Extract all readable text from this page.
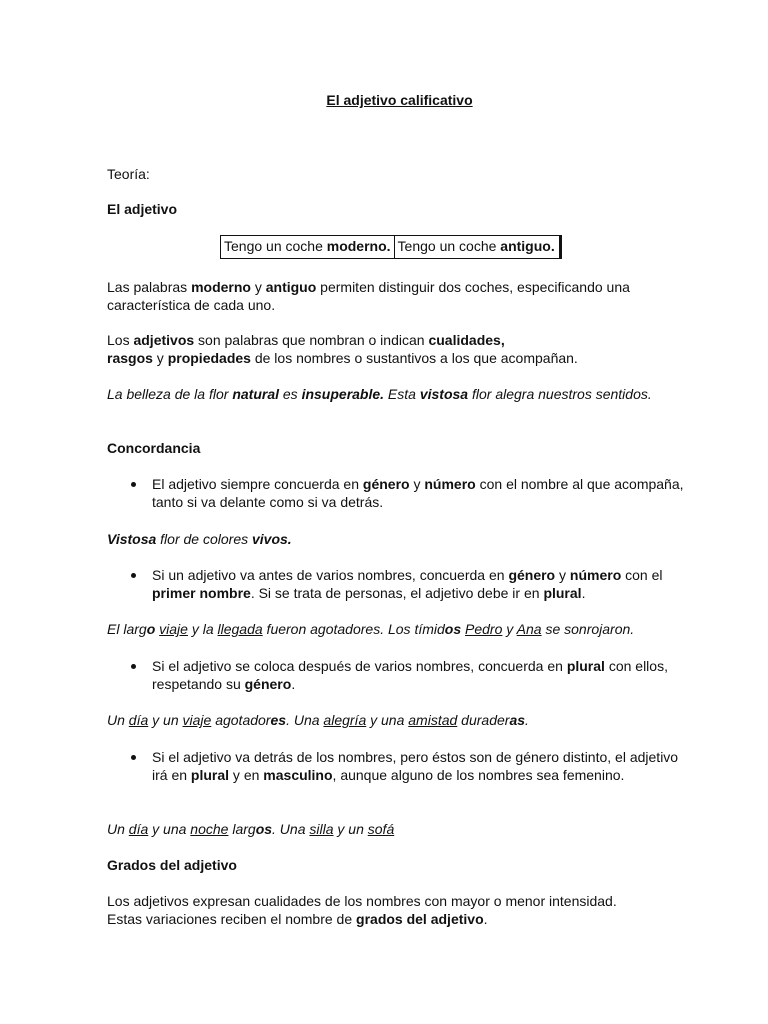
El adjetivo calificativo
Teoría:
El adjetivo
Tengo un coche moderno. Tengo un coche antiguo.
Las palabras moderno y antiguo permiten distinguir dos coches, especificando una característica de cada uno.
Los adjetivos son palabras que nombran o indican cualidades,
rasgos y propiedades de los nombres o sustantivos a los que acompañan.
La belleza de la flor natural es insuperable. Esta vistosa flor alegra nuestros sentidos.
Concordancia
El adjetivo siempre concuerda en género y número con el nombre al que acompaña, tanto si va delante como si va detrás.
Vistosa flor de colores vivos.
Si un adjetivo va antes de varios nombres, concuerda en género y número con el primer nombre. Si se trata de personas, el adjetivo debe ir en plural.
El largo viaje y la llegada fueron agotadores. Los tímidos Pedro y Ana se sonrojaron.
Si el adjetivo se coloca después de varios nombres, concuerda en plural con ellos, respetando su género.
Un día y un viaje agotadores. Una alegría y una amistad duraderas.
Si el adjetivo va detrás de los nombres, pero éstos son de género distinto, el adjetivo irá en plural y en masculino, aunque alguno de los nombres sea femenino.
Un día y una noche largos. Una silla y un sofá
Grados del adjetivo
Los adjetivos expresan cualidades de los nombres con mayor o menor intensidad.
Estas variaciones reciben el nombre de grados del adjetivo.
